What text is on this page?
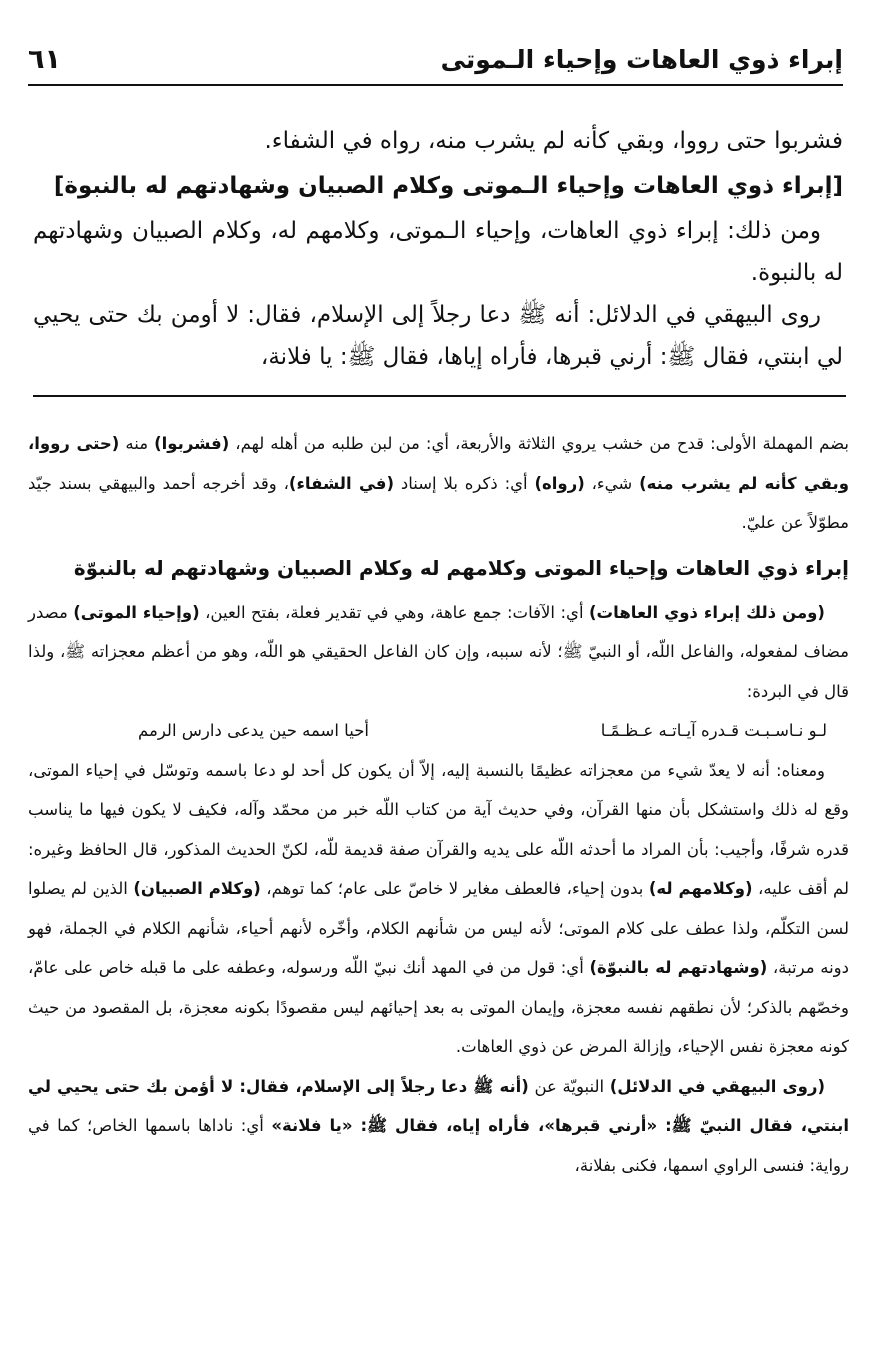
إبراء ذوي العاهات وإحياء الـموتى
٦١

فشربوا حتى رووا، وبقي كأنه لم يشرب منه، رواه في الشفاء.

[إبراء ذوي العاهات وإحياء الـموتى وكلام الصبيان وشهادتهم له بالنبوة]

ومن ذلك: إبراء ذوي العاهات، وإحياء الـموتى، وكلامهم له، وكلام الصبيان وشهادتهم له بالنبوة.

روى البيهقي في الدلائل: أنه ﷺ دعا رجلاً إلى الإسلام، فقال: لا أومن بك حتى يحيي لي ابنتي، فقال ﷺ: أرني قبرها، فأراه إياها، فقال ﷺ: يا فلانة،

بضم المهملة الأولى: قدح من خشب يروي الثلاثة والأربعة، أي: من لبن طلبه من أهله لهم، (فشربوا) منه (حتى رووا، وبقي كأنه لم يشرب منه) شيء، (رواه) أي: ذكره بلا إسناد (في الشفاء)، وقد أخرجه أحمد والبيهقي بسند جيّد مطوّلاً عن عليّ.

إبراء ذوي العاهات وإحياء الموتى وكلامهم له وكلام الصبيان وشهادتهم له بالنبوّة

(ومن ذلك إبراء ذوي العاهات) أي: الآفات: جمع عاهة، وهي في تقدير فعلة، بفتح العين، (وإحياء الموتى) مصدر مضاف لمفعوله، والفاعل اللّه، أو النبيّ ﷺ؛ لأنه سببه، وإن كان الفاعل الحقيقي هو اللّه، وهو من أعظم معجزاته ﷺ، ولذا قال في البردة:

لـو نـاسـبـت قـدره آيـاتـه عـظـمًـا
أحيا اسمه حين يدعى دارس الرمم

ومعناه: أنه لا يعدّ شيء من معجزاته عظيمًا بالنسبة إليه، إلاّ أن يكون كل أحد لو دعا باسمه وتوسّل في إحياء الموتى، وقع له ذلك واستشكل بأن منها القرآن، وفي حديث آية من كتاب اللّه خبر من محمّد وآله، فكيف لا يكون فيها ما يناسب قدره شرفًا، وأجيب: بأن المراد ما أحدثه اللّه على يديه والقرآن صفة قديمة للّه، لكنّ الحديث المذكور، قال الحافظ وغيره: لم أقف عليه، (وكلامهم له) بدون إحياء، فالعطف مغاير لا خاصّ على عام؛ كما توهم، (وكلام الصبيان) الذين لم يصلوا لسن التكلّم، ولذا عطف على كلام الموتى؛ لأنه ليس من شأنهم الكلام، وأخّره لأنهم أحياء، شأنهم الكلام في الجملة، فهو دونه مرتبة، (وشهادتهم له بالنبوّة) أي: قول من في المهد أنك نبيّ اللّه ورسوله، وعطفه على ما قبله خاص على عامّ، وخصّهم بالذكر؛ لأن نطقهم نفسه معجزة، وإيمان الموتى به بعد إحيائهم ليس مقصودًا بكونه معجزة، بل المقصود من حيث كونه معجزة نفس الإحياء، وإزالة المرض عن ذوي العاهات.

(روى البيهقي في الدلائل) النبويّة عن (أنه ﷺ دعا رجلاً إلى الإسلام، فقال: لا أؤمن بك حتى يحيي لي ابنتي، فقال النبيّ ﷺ: «أرني قبرها»، فأراه إياه، فقال ﷺ: «يا فلانة» أي: ناداها باسمها الخاص؛ كما في رواية: فنسى الراوي اسمها، فكنى بفلانة،
